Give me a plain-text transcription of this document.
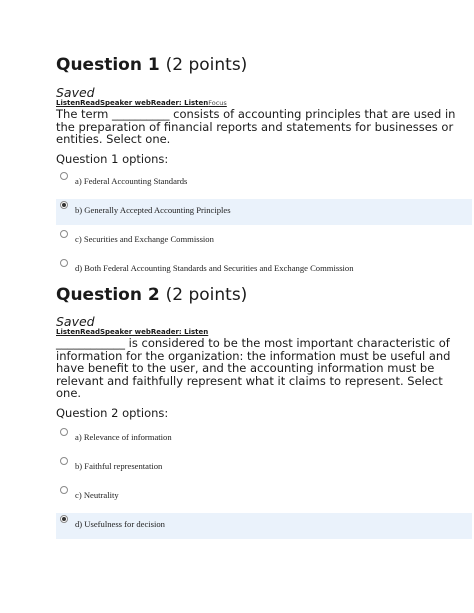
Question 1 (2 points)
Saved
ListenReadSpeaker webReader: ListenFocus
The term __________ consists of accounting principles that are used in the preparation of financial reports and statements for businesses or entities. Select one.
Question 1 options:
a) Federal Accounting Standards
b) Generally Accepted Accounting Principles
c) Securities and Exchange Commission
d) Both Federal Accounting Standards and Securities and Exchange Commission
Question 2 (2 points)
Saved
ListenReadSpeaker webReader: Listen
____________ is considered to be the most important characteristic of information for the organization: the information must be useful and have benefit to the user, and the accounting information must be relevant and faithfully represent what it claims to represent. Select one.
Question 2 options:
a) Relevance of information
b) Faithful representation
c) Neutrality
d) Usefulness for decision
